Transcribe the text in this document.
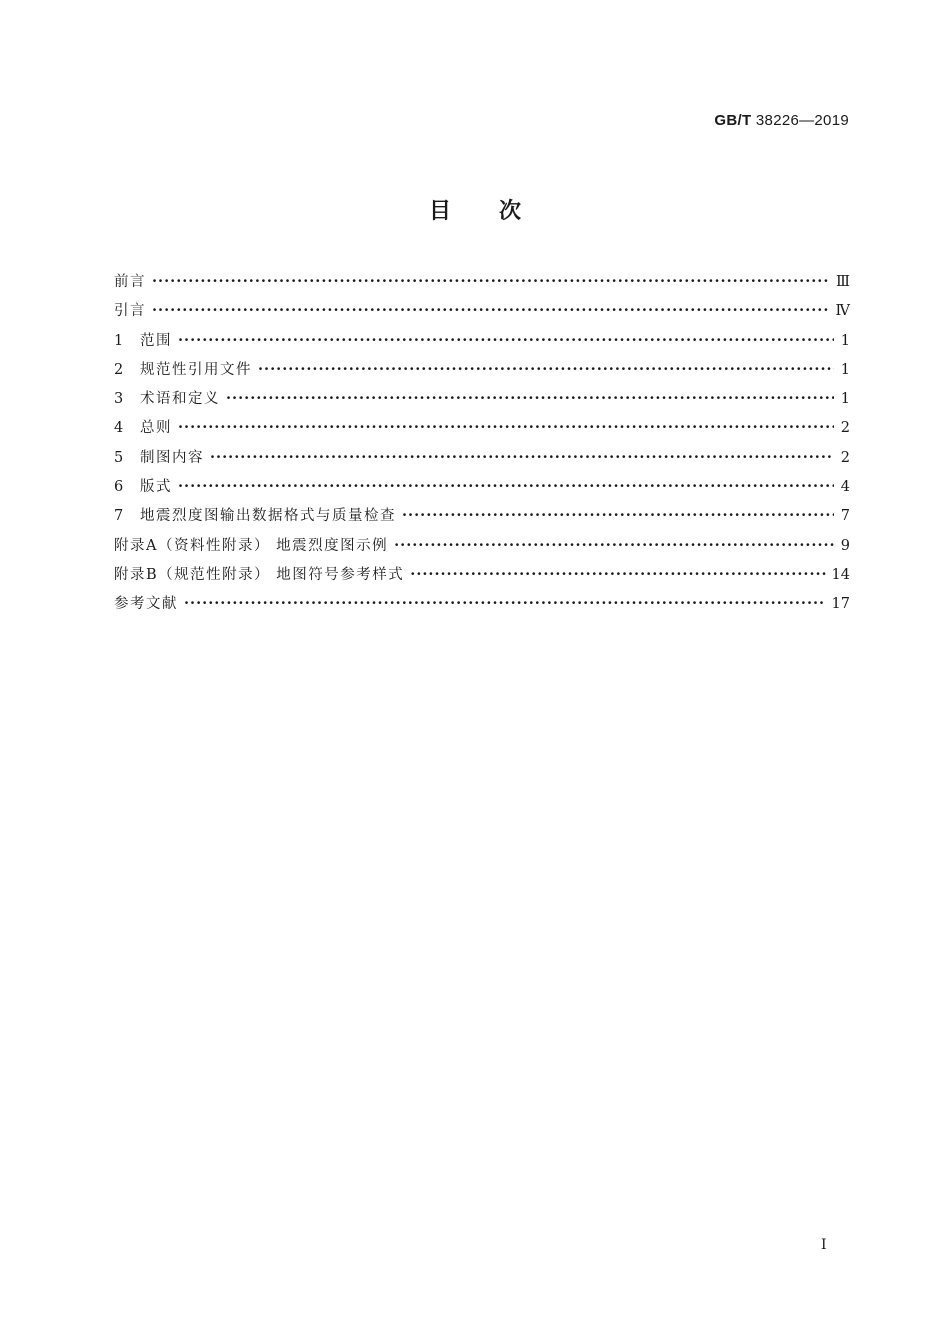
GB/T 38226—2019
目次
前言 ·····	Ⅲ
引言 ·····	Ⅳ
1	范围 ·····	1
2	规范性引用文件 ·····	1
3	术语和定义 ·····	1
4	总则 ·····	2
5	制图内容 ·····	2
6	版式 ·····	4
7	地震烈度图输出数据格式与质量检查 ·····	7
附录A（资料性附录） 地震烈度图示例 ·····	9
附录B（规范性附录） 地图符号参考样式 ·····	14
参考文献 ·····	17
I
